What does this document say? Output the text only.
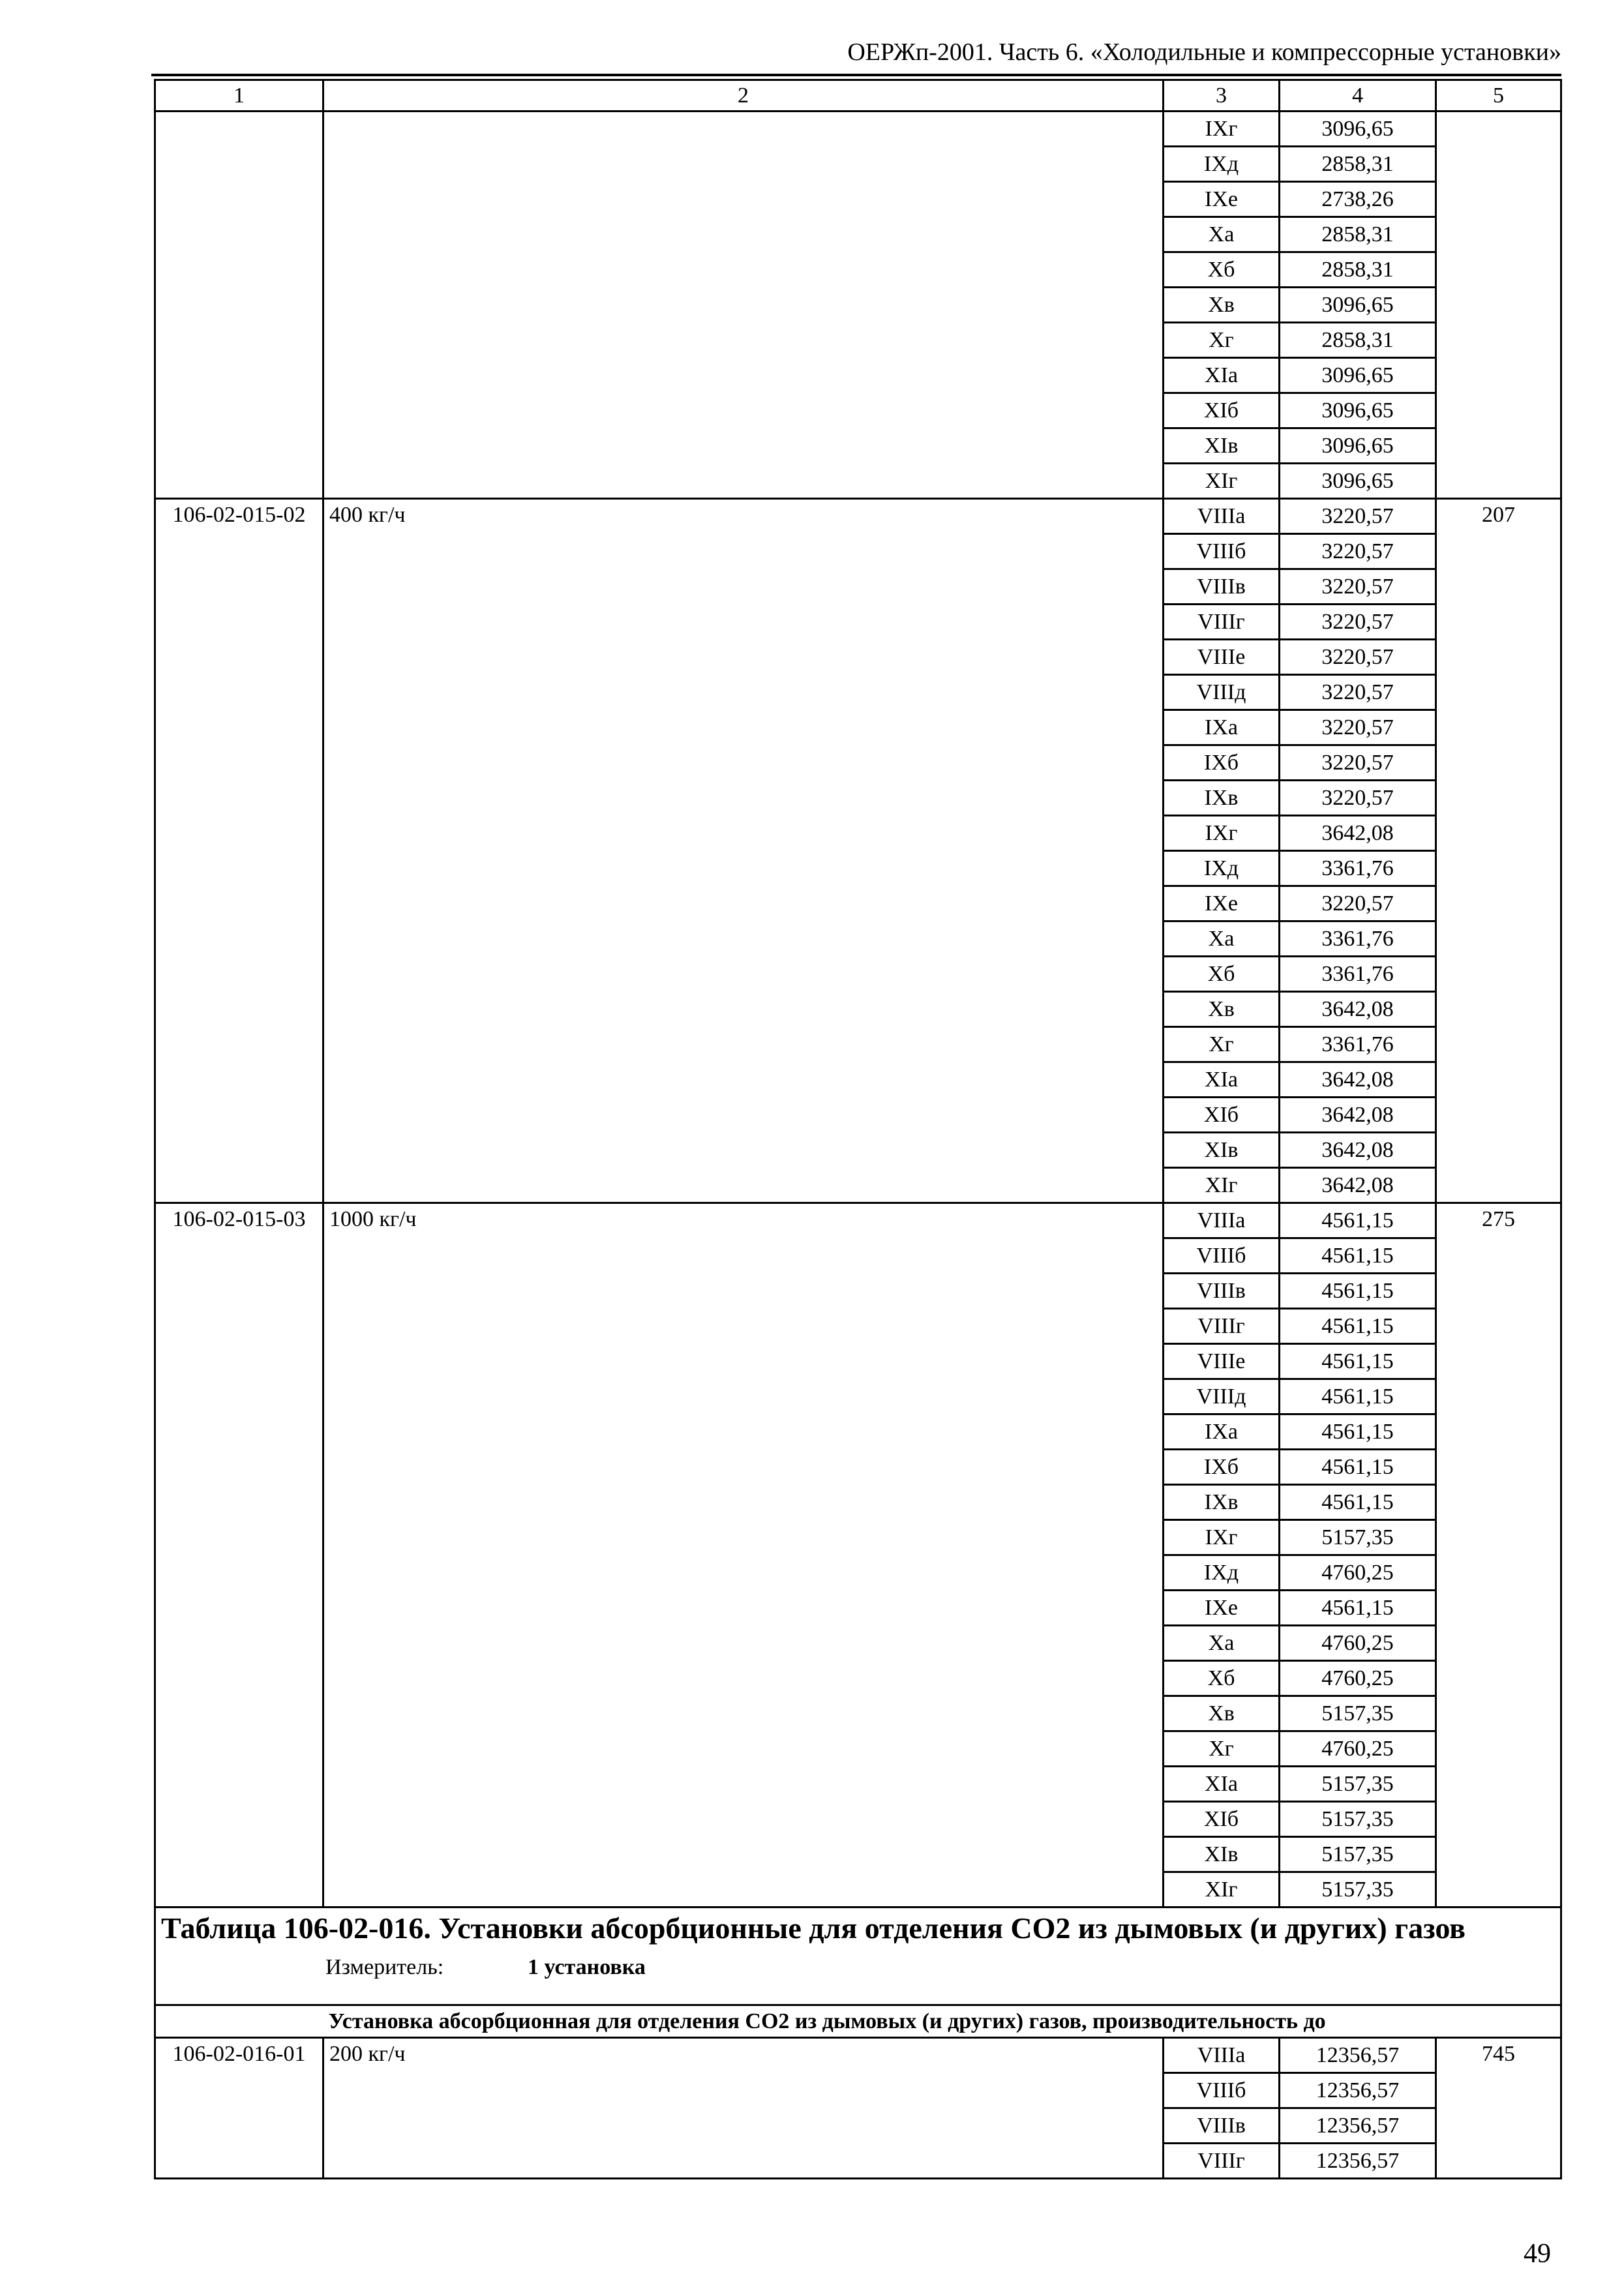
ОЕРЖп-2001. Часть 6. «Холодильные и компрессорные установки»
1	2	3	4	5
		IXг	3096,65	
		IXд	2858,31	
		IXе	2738,26	
		Xа	2858,31	
		Xб	2858,31	
		Xв	3096,65	
		Xг	2858,31	
		XIа	3096,65	
		XIб	3096,65	
		XIв	3096,65	
		XIг	3096,65	
106-02-015-02	400 кг/ч	VIIIа	3220,57	207
		VIIIб	3220,57	
		VIIIв	3220,57	
		VIIIг	3220,57	
		VIIIе	3220,57	
		VIIIд	3220,57	
		IXа	3220,57	
		IXб	3220,57	
		IXв	3220,57	
		IXг	3642,08	
		IXд	3361,76	
		IXе	3220,57	
		Xа	3361,76	
		Xб	3361,76	
		Xв	3642,08	
		Xг	3361,76	
		XIа	3642,08	
		XIб	3642,08	
		XIв	3642,08	
		XIг	3642,08	
106-02-015-03	1000 кг/ч	VIIIа	4561,15	275
		VIIIб	4561,15	
		VIIIв	4561,15	
		VIIIг	4561,15	
		VIIIе	4561,15	
		VIIIд	4561,15	
		IXа	4561,15	
		IXб	4561,15	
		IXв	4561,15	
		IXг	5157,35	
		IXд	4760,25	
		IXе	4561,15	
		Xа	4760,25	
		Xб	4760,25	
		Xв	5157,35	
		Xг	4760,25	
		XIа	5157,35	
		XIб	5157,35	
		XIв	5157,35	
		XIг	5157,35	

Таблица 106-02-016. Установки абсорбционные для отделения СО2 из дымовых (и других) газов
Измеритель: 1 установка				

	Установка абсорбционная для отделения СО2 из дымовых (и других) газов, производительность до			
106-02-016-01	200 кг/ч	VIIIа	12356,57	745
		VIIIб	12356,57	
		VIIIв	12356,57	
		VIIIг	12356,57	
49
